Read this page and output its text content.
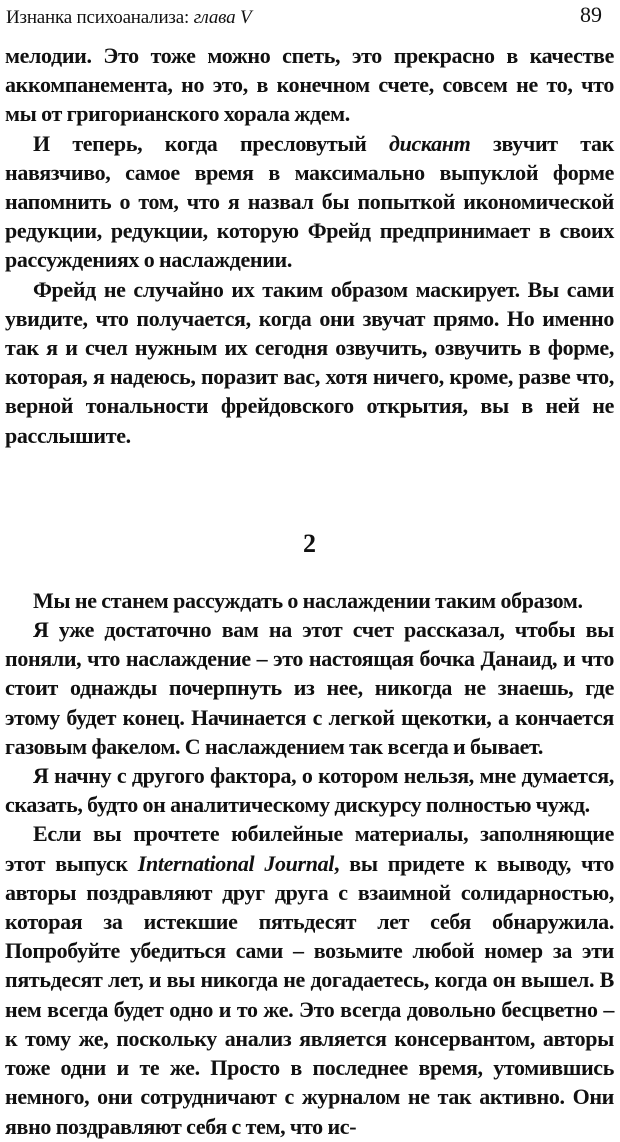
Изнанка психоанализа: глава V	89

мелодии. Это тоже можно спеть, это прекрасно в качестве аккомпанемента, но это, в конечном счете, совсем не то, что мы от григорианского хорала ждем.

И теперь, когда пресловутый дискант звучит так навязчиво, самое время в максимально выпуклой форме напомнить о том, что я назвал бы попыткой икономической редукции, редукции, которую Фрейд предпринимает в своих рассуждениях о наслаждении.

Фрейд не случайно их таким образом маскирует. Вы сами увидите, что получается, когда они звучат прямо. Но именно так я и счел нужным их сегодня озвучить, озвучить в форме, которая, я надеюсь, поразит вас, хотя ничего, кроме, разве что, верной тональности фрейдовского открытия, вы в ней не расслышите.

2

Мы не станем рассуждать о наслаждении таким образом.

Я уже достаточно вам на этот счет рассказал, чтобы вы поняли, что наслаждение – это настоящая бочка Данаид, и что стоит однажды почерпнуть из нее, никогда не знаешь, где этому будет конец. Начинается с легкой щекотки, а кончается газовым факелом. С наслаждением так всегда и бывает.

Я начну с другого фактора, о котором нельзя, мне думается, сказать, будто он аналитическому дискурсу полностью чужд.

Если вы прочтете юбилейные материалы, заполняющие этот выпуск International Journal, вы придете к выводу, что авторы поздравляют друг друга с взаимной солидарностью, которая за истекшие пятьдесят лет себя обнаружила. Попробуйте убедиться сами – возьмите любой номер за эти пятьдесят лет, и вы никогда не догадаетесь, когда он вышел. В нем всегда будет одно и то же. Это всегда довольно бесцветно – к тому же, поскольку анализ является консервантом, авторы тоже одни и те же. Просто в последнее время, утомившись немного, они сотрудничают с журналом не так активно. Они явно поздравляют себя с тем, что ис-
